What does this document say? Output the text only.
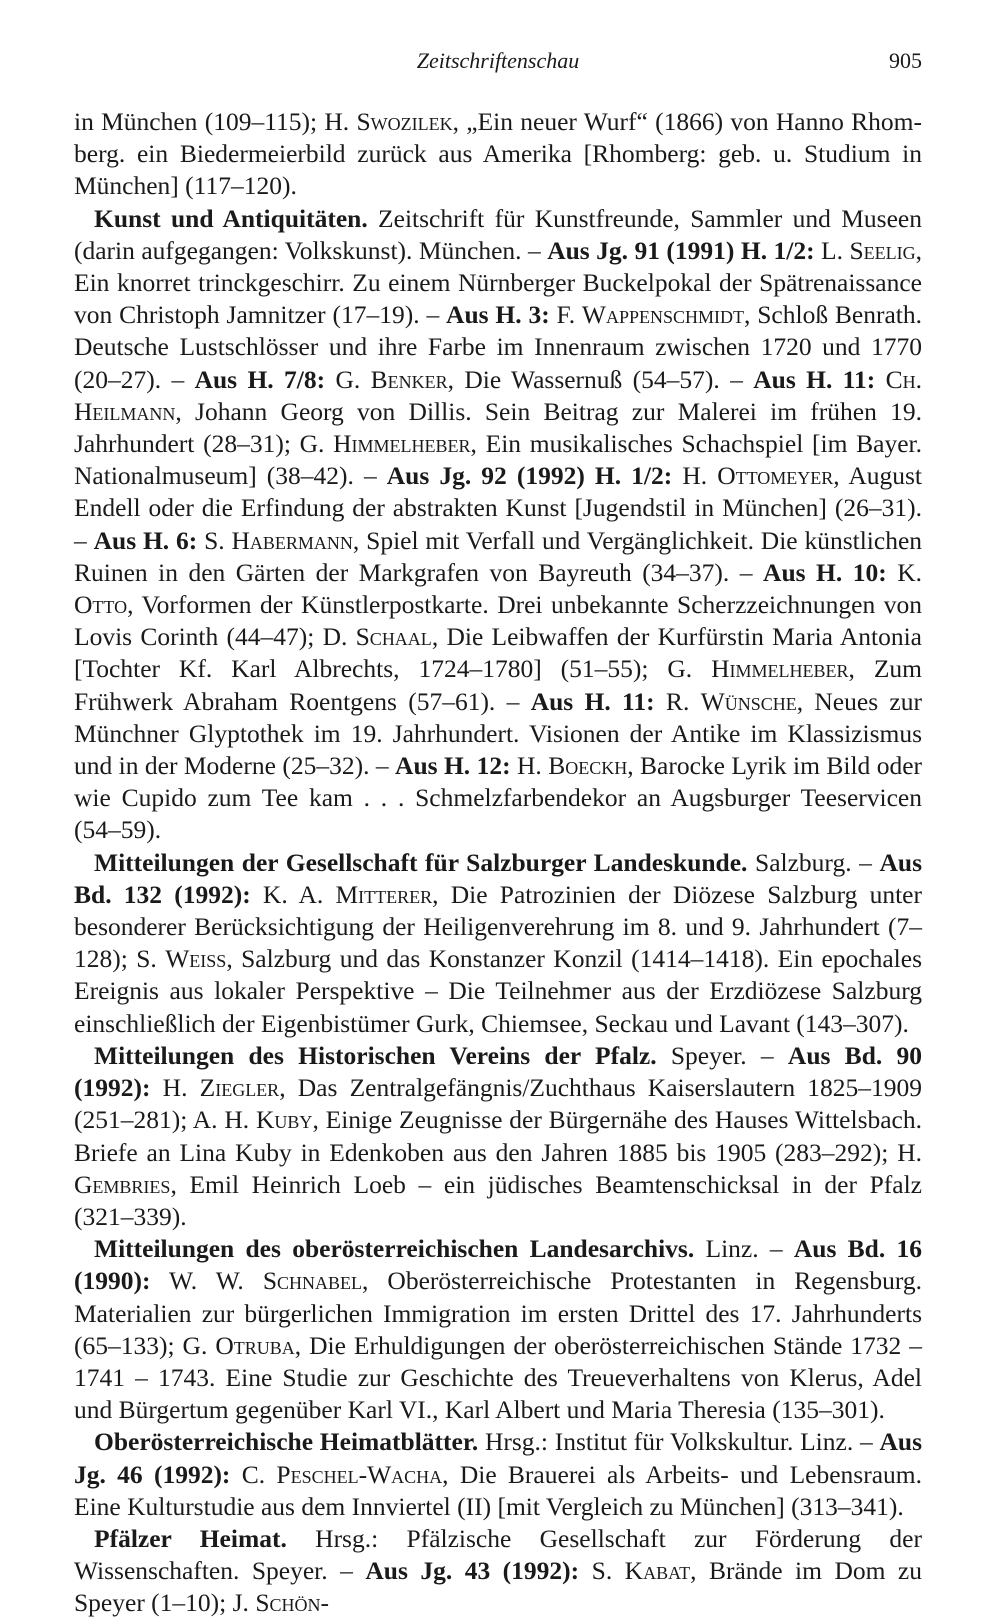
Zeitschriftenschau	905

in München (109–115); H. Swozilek, „Ein neuer Wurf“ (1866) von Hanno Rhomberg. ein Biedermeierbild zurück aus Amerika [Rhomberg: geb. u. Studium in München] (117–120).

Kunst und Antiquitäten. Zeitschrift für Kunstfreunde, Sammler und Museen (darin aufgegangen: Volkskunst). München. – Aus Jg. 91 (1991) H. 1/2: L. Seelig, Ein knorret trinckgeschirr. Zu einem Nürnberger Buckelpokal der Spätrenaissance von Christoph Jamnitzer (17–19). – Aus H. 3: F. Wappenschmidt, Schloß Benrath. Deutsche Lustschlösser und ihre Farbe im Innenraum zwischen 1720 und 1770 (20–27). – Aus H. 7/8: G. Benker, Die Wassernuß (54–57). – Aus H. 11: Ch. Heilmann, Johann Georg von Dillis. Sein Beitrag zur Malerei im frühen 19. Jahrhundert (28–31); G. Himmelheber, Ein musikalisches Schachspiel [im Bayer. Nationalmuseum] (38–42). – Aus Jg. 92 (1992) H. 1/2: H. Ottomeyer, August Endell oder die Erfindung der abstrakten Kunst [Jugendstil in München] (26–31). – Aus H. 6: S. Habermann, Spiel mit Verfall und Vergänglichkeit. Die künstlichen Ruinen in den Gärten der Markgrafen von Bayreuth (34–37). – Aus H. 10: K. Otto, Vorformen der Künstlerpostkarte. Drei unbekannte Scherzzeichnungen von Lovis Corinth (44–47); D. Schaal, Die Leibwaffen der Kurfürstin Maria Antonia [Tochter Kf. Karl Albrechts, 1724–1780] (51–55); G. Himmelheber, Zum Frühwerk Abraham Roentgens (57–61). – Aus H. 11: R. Wünsche, Neues zur Münchner Glyptothek im 19. Jahrhundert. Visionen der Antike im Klassizismus und in der Moderne (25–32). – Aus H. 12: H. Boeckh, Barocke Lyrik im Bild oder wie Cupido zum Tee kam . . . Schmelzfarbendekor an Augsburger Teeservicen (54–59).

Mitteilungen der Gesellschaft für Salzburger Landeskunde. Salzburg. – Aus Bd. 132 (1992): K. A. Mitterer, Die Patrozinien der Diözese Salzburg unter besonderer Berücksichtigung der Heiligenverehrung im 8. und 9. Jahrhundert (7–128); S. Weiss, Salzburg und das Konstanzer Konzil (1414–1418). Ein epochales Ereignis aus lokaler Perspektive – Die Teilnehmer aus der Erzdiözese Salzburg einschließlich der Eigenbistümer Gurk, Chiemsee, Seckau und Lavant (143–307).

Mitteilungen des Historischen Vereins der Pfalz. Speyer. – Aus Bd. 90 (1992): H. Ziegler, Das Zentralgefängnis/Zuchthaus Kaiserslautern 1825–1909 (251–281); A. H. Kuby, Einige Zeugnisse der Bürgernähe des Hauses Wittelsbach. Briefe an Lina Kuby in Edenkoben aus den Jahren 1885 bis 1905 (283–292); H. Gembries, Emil Heinrich Loeb – ein jüdisches Beamtenschicksal in der Pfalz (321–339).

Mitteilungen des oberösterreichischen Landesarchivs. Linz. – Aus Bd. 16 (1990): W. W. Schnabel, Oberösterreichische Protestanten in Regensburg. Materialien zur bürgerlichen Immigration im ersten Drittel des 17. Jahrhunderts (65–133); G. Otruba, Die Erhuldigungen der oberösterreichischen Stände 1732 – 1741 – 1743. Eine Studie zur Geschichte des Treueverhaltens von Klerus, Adel und Bürgertum gegenüber Karl VI., Karl Albert und Maria Theresia (135–301).

Oberösterreichische Heimatblätter. Hrsg.: Institut für Volkskultur. Linz. – Aus Jg. 46 (1992): C. Peschel-Wacha, Die Brauerei als Arbeits- und Lebensraum. Eine Kulturstudie aus dem Innviertel (II) [mit Vergleich zu München] (313–341).

Pfälzer Heimat. Hrsg.: Pfälzische Gesellschaft zur Förderung der Wissenschaften. Speyer. – Aus Jg. 43 (1992): S. Kabat, Brände im Dom zu Speyer (1–10); J. Schön-
